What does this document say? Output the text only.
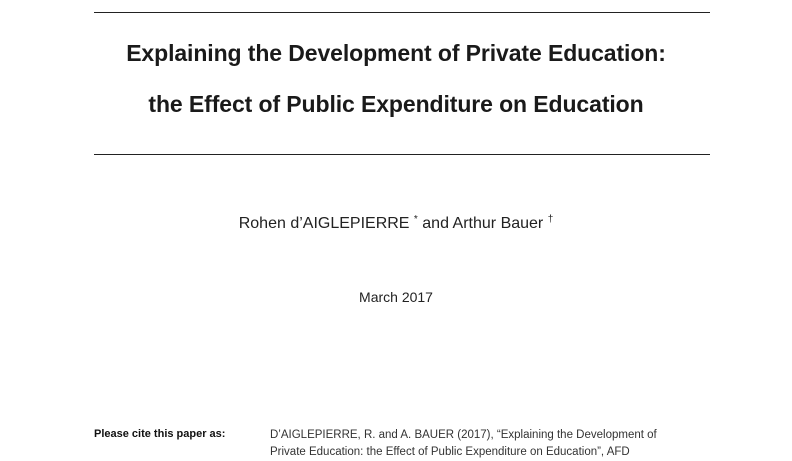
Explaining the Development of Private Education:
the Effect of Public Expenditure on Education
Rohen d’AIGLEPIERRE * and Arthur Bauer †
March 2017
Please cite this paper as:	D’AIGLEPIERRE, R. and A. BAUER (2017), “Explaining the Development of
Private Education: the Effect of Public Expenditure on Education”, AFD
